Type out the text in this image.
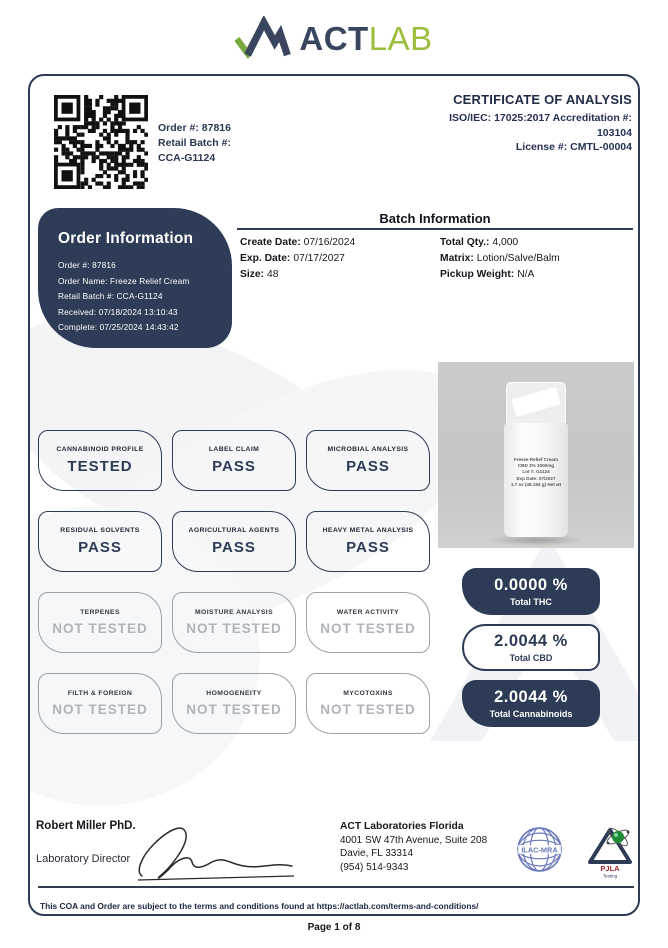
ACTLAB
Order #: 87816
Retail Batch #:
CCA-G1124
CERTIFICATE OF ANALYSIS
ISO/IEC: 17025:2017 Accreditation #:
103104
License #: CMTL-00004
Order Information
Order #: 87816
Order Name: Freeze Relief Cream
Retail Batch #: CCA-G1124
Received: 07/18/2024 13:10:43
Complete: 07/25/2024 14:43:42
Batch Information
Create Date: 07/16/2024
Exp. Date: 07/17/2027
Size: 48
Total Qty.: 4,000
Matrix: Lotion/Salve/Balm
Pickup Weight: N/A
Freeze Relief Cream
CBD 2% 1000mg
Lot #: G1124
Exp Date: 07/2027
1.7 oz (48.194 g) Net wt
CANNABINOID PROFILE
TESTED
LABEL CLAIM
PASS
MICROBIAL ANALYSIS
PASS
RESIDUAL SOLVENTS
PASS
AGRICULTURAL AGENTS
PASS
HEAVY METAL ANALYSIS
PASS
TERPENES
NOT TESTED
MOISTURE ANALYSIS
NOT TESTED
WATER ACTIVITY
NOT TESTED
FILTH & FOREIGN
NOT TESTED
HOMOGENEITY
NOT TESTED
MYCOTOXINS
NOT TESTED
0.0000 %
Total THC
2.0044 %
Total CBD
2.0044 %
Total Cannabinoids
Robert Miller PhD.
Laboratory Director
ACT Laboratories Florida
4001 SW 47th Avenue, Suite 208
Davie, FL 33314
(954) 514-9343
ILAC-MRA
PJLA
Testing
This COA and Order are subject to the terms and conditions found at https://actlab.com/terms-and-conditions/
Page 1 of 8
